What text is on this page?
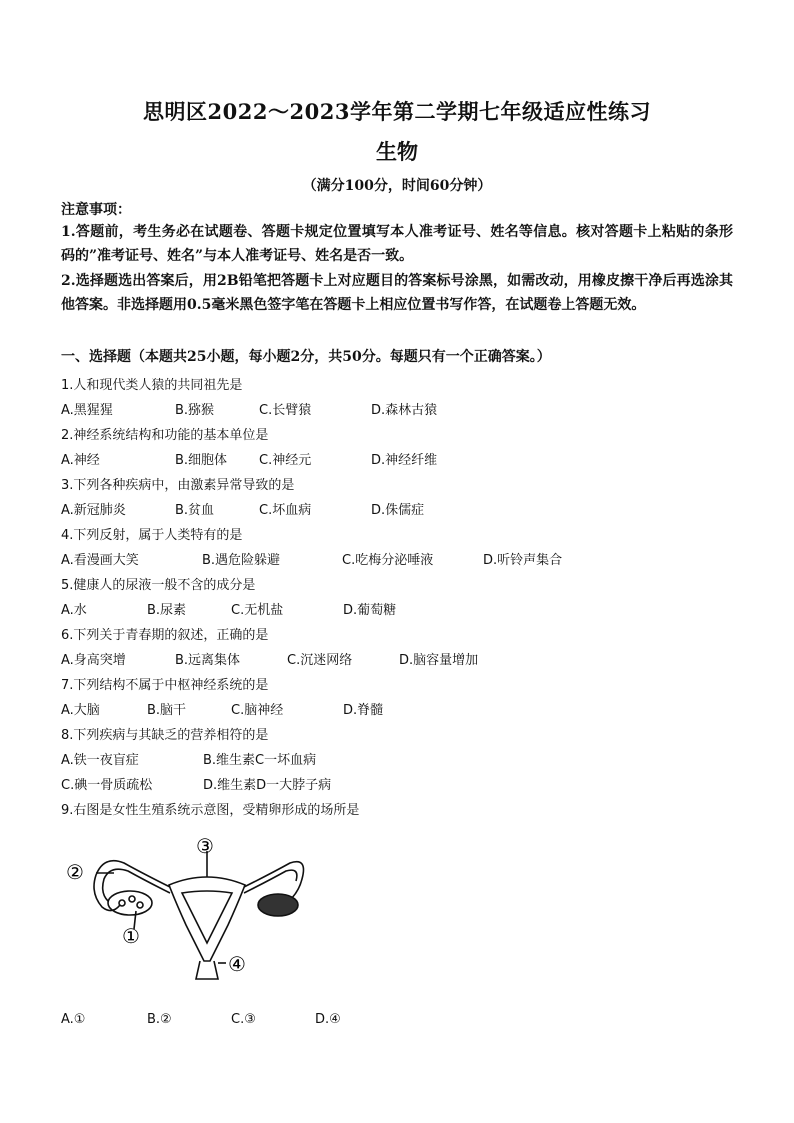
思明区2022～2023学年第二学期七年级适应性练习
生物
（满分100分，时间60分钟）
注意事项：
1.答题前，考生务必在试题卷、答题卡规定位置填写本人准考证号、姓名等信息。核对答题卡上粘贴的条形码的”准考证号、姓名”与本人准考证号、姓名是否一致。
2.选择题选出答案后，用2B铅笔把答题卡上对应题目的答案标号涂黑，如需改动，用橡皮擦干净后再选涂其他答案。非选择题用0.5毫米黑色签字笔在答题卡上相应位置书写作答，在试题卷上答题无效。
一、选择题（本题共25小题，每小题2分，共50分。每题只有一个正确答案。）
1.人和现代类人猿的共同祖先是
A.黑猩猩	B.猕猴	C.长臂猿	D.森林古猿
2.神经系统结构和功能的基本单位是
A.神经	B.细胞体 C.神经元	D.神经纤维
3.下列各种疾病中，由激素异常导致的是
A.新冠肺炎	B.贫血	C.坏血病	D.侏儒症
4.下列反射，属于人类特有的是
A.看漫画大笑	B.遇危险躲避	C.吃梅分泌唾液	D.听铃声集合
5.健康人的尿液一般不含的成分是
A.水	B.尿素	C.无机盐	D.葡萄糖
6.下列关于青春期的叙述，正确的是
A.身高突增	B.远离集体	C.沉迷网络	D.脑容量增加
7.下列结构不属于中枢神经系统的是
A.大脑	B.脑干	C.脑神经	D.脊髓
8.下列疾病与其缺乏的营养相符的是
A.铁一夜盲症	B.维生素C一坏血病
C.碘一骨质疏松	D.维生素D一大脖子病
9.右图是女性生殖系统示意图，受精卵形成的场所是
②
③
①
④
A.①	B.②	C.③	D.④
